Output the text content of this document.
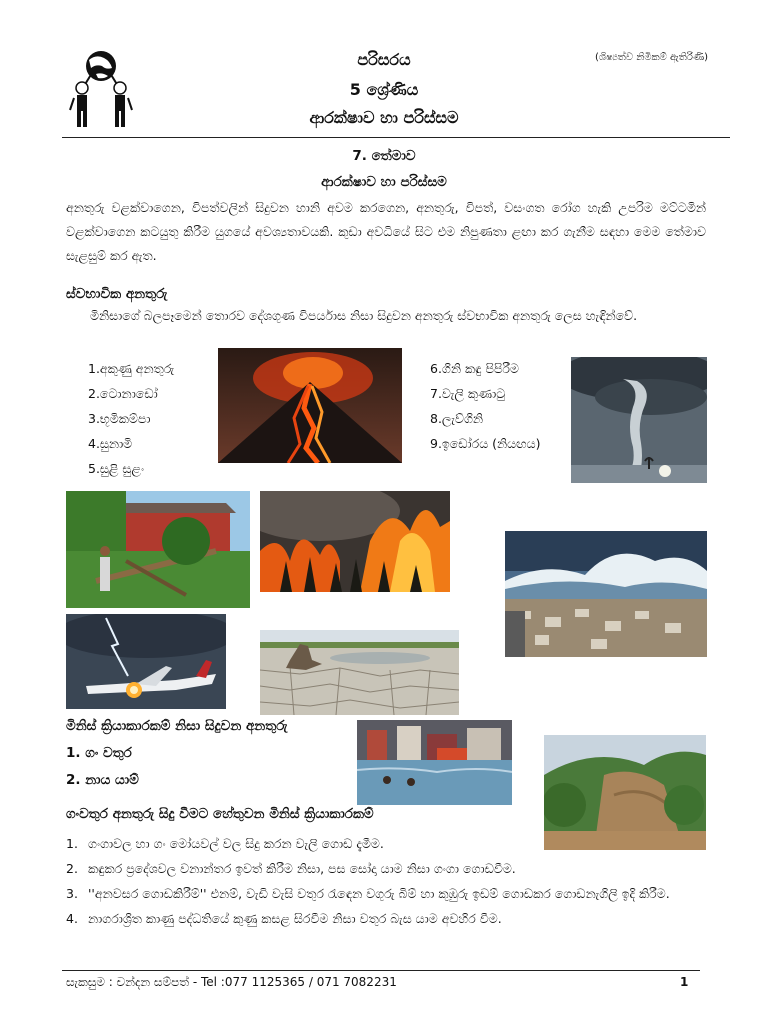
පරිසරය
5 ශ්‍රේණිය
ආරක්ෂාව හා පරිස්සම
(ශිෂ්‍යත්ව නිමිකම් ඇතිරිණි)
7. තේමාව
ආරක්ෂාව හා පරිස්සම
අනතුරු වළක්වාගෙන, විපත්වලින් සිදුවන හානි අවම කරගෙන, අනතුරු, විපත්, වසංගත රෝග හැකි උපරිම මට්ටමින් වළක්වාගෙන කටයුතු කිරීම යුගයේ අවශ්‍යතාවයකි. කුඩා අවධියේ සිට එම නිපුණතා ළඟා කර ගැනීම සඳහා මෙම තේමාව සැළසුම් කර ඇත.
ස්වභාවික අනතුරු
මිනිසාගේ බලපෑමෙන් තොරව දේශගුණ විපර්යාස නිසා සිදුවන අනතුරු ස්වභාවික අනතුරු ලෙස හැඳින්වේ.
1.අකුණු අනතුරු
2.ටොනාඩෝ
3.භූමිකම්පා
4.සුනාමි
5.සුළි සුළං
6.ගිනි කඳු පිපිරීම
7.වැලි කුණාටු
8.ලැව්ගිනි
9.ඉඩෝරය (නියඟය)
මිනිස් ක්‍රියාකාරකම් නිසා සිදුවන අනතුරු
1. ගං වතුර
2. නාය යාම්
ගංවතුර අනතුරු සිදු වීමට හේතුවන මිනිස් ක්‍රියාකාරකම්
1. ගංගාවල හා ගං මෝයවල් වල සිදු කරන වැලි ගොඩ දැමීම.
2. කඳුකර ප්‍රදේශවල වනාන්තර ඉවත් කිරීම නිසා, පස සෝදා යාම නිසා ගංගා ගොඩවීම.
3. ''අනවසර ගොඩකිරීම්'' එනම්, වැඩි වැසි වතුර රැඳෙන වගුරු බිම් හා කුඹුරු ඉඩම් ගොඩකර ගොඩනැගිලි ඉදි කිරීම.
4. නාගරාශ්‍රිත කාණු පද්ධතියේ කුණු කසළ සිරවීම නිසා වතුර බැස යාම අවහිර වීම.
සැකසුම : චන්දන සම්පත් - Tel :077 1125365 / 071 7082231	1
